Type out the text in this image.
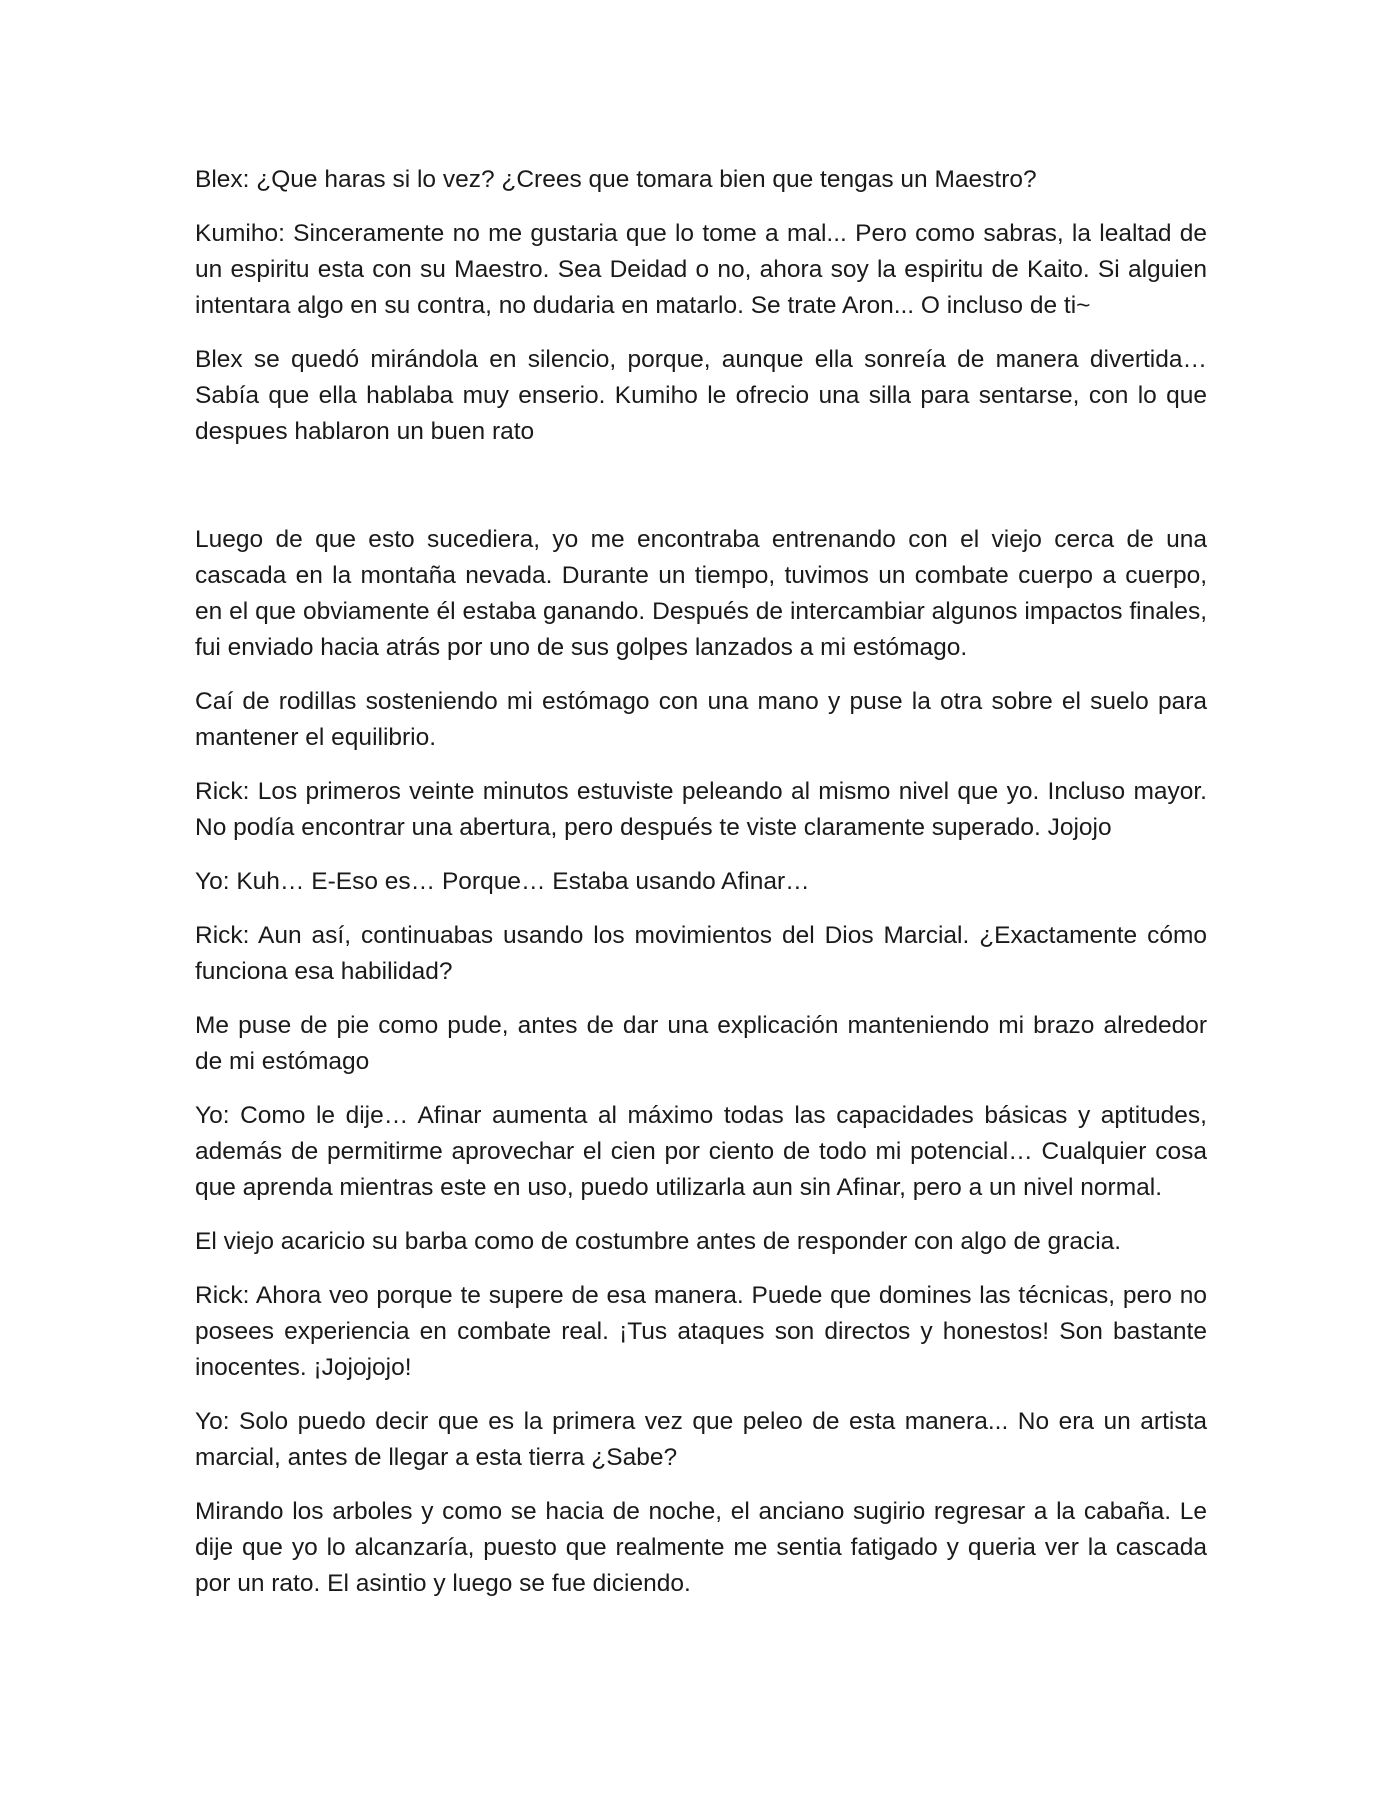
Blex: ¿Que haras si lo vez? ¿Crees que tomara bien que tengas un Maestro?

Kumiho: Sinceramente no me gustaria que lo tome a mal... Pero como sabras, la lealtad de un espiritu esta con su Maestro. Sea Deidad o no, ahora soy la espiritu de Kaito. Si alguien intentara algo en su contra, no dudaria en matarlo. Se trate Aron... O incluso de ti~

Blex se quedó mirándola en silencio, porque, aunque ella sonreía de manera divertida… Sabía que ella hablaba muy enserio. Kumiho le ofrecio una silla para sentarse, con lo que despues hablaron un buen rato

Luego de que esto sucediera, yo me encontraba entrenando con el viejo cerca de una cascada en la montaña nevada. Durante un tiempo, tuvimos un combate cuerpo a cuerpo, en el que obviamente él estaba ganando. Después de intercambiar algunos impactos finales, fui enviado hacia atrás por uno de sus golpes lanzados a mi estómago.

Caí de rodillas sosteniendo mi estómago con una mano y puse la otra sobre el suelo para mantener el equilibrio.

Rick: Los primeros veinte minutos estuviste peleando al mismo nivel que yo. Incluso mayor. No podía encontrar una abertura, pero después te viste claramente superado. Jojojo

Yo: Kuh… E-Eso es… Porque… Estaba usando Afinar…

Rick: Aun así, continuabas usando los movimientos del Dios Marcial. ¿Exactamente cómo funciona esa habilidad?

Me puse de pie como pude, antes de dar una explicación manteniendo mi brazo alrededor de mi estómago

Yo: Como le dije… Afinar aumenta al máximo todas las capacidades básicas y aptitudes, además de permitirme aprovechar el cien por ciento de todo mi potencial… Cualquier cosa que aprenda mientras este en uso, puedo utilizarla aun sin Afinar, pero a un nivel normal.

El viejo acaricio su barba como de costumbre antes de responder con algo de gracia.

Rick: Ahora veo porque te supere de esa manera. Puede que domines las técnicas, pero no posees experiencia en combate real. ¡Tus ataques son directos y honestos! Son bastante inocentes. ¡Jojojojo!

Yo: Solo puedo decir que es la primera vez que peleo de esta manera... No era un artista marcial, antes de llegar a esta tierra ¿Sabe?

Mirando los arboles y como se hacia de noche, el anciano sugirio regresar a la cabaña. Le dije que yo lo alcanzaría, puesto que realmente me sentia fatigado y queria ver la cascada por un rato. El asintio y luego se fue diciendo.
